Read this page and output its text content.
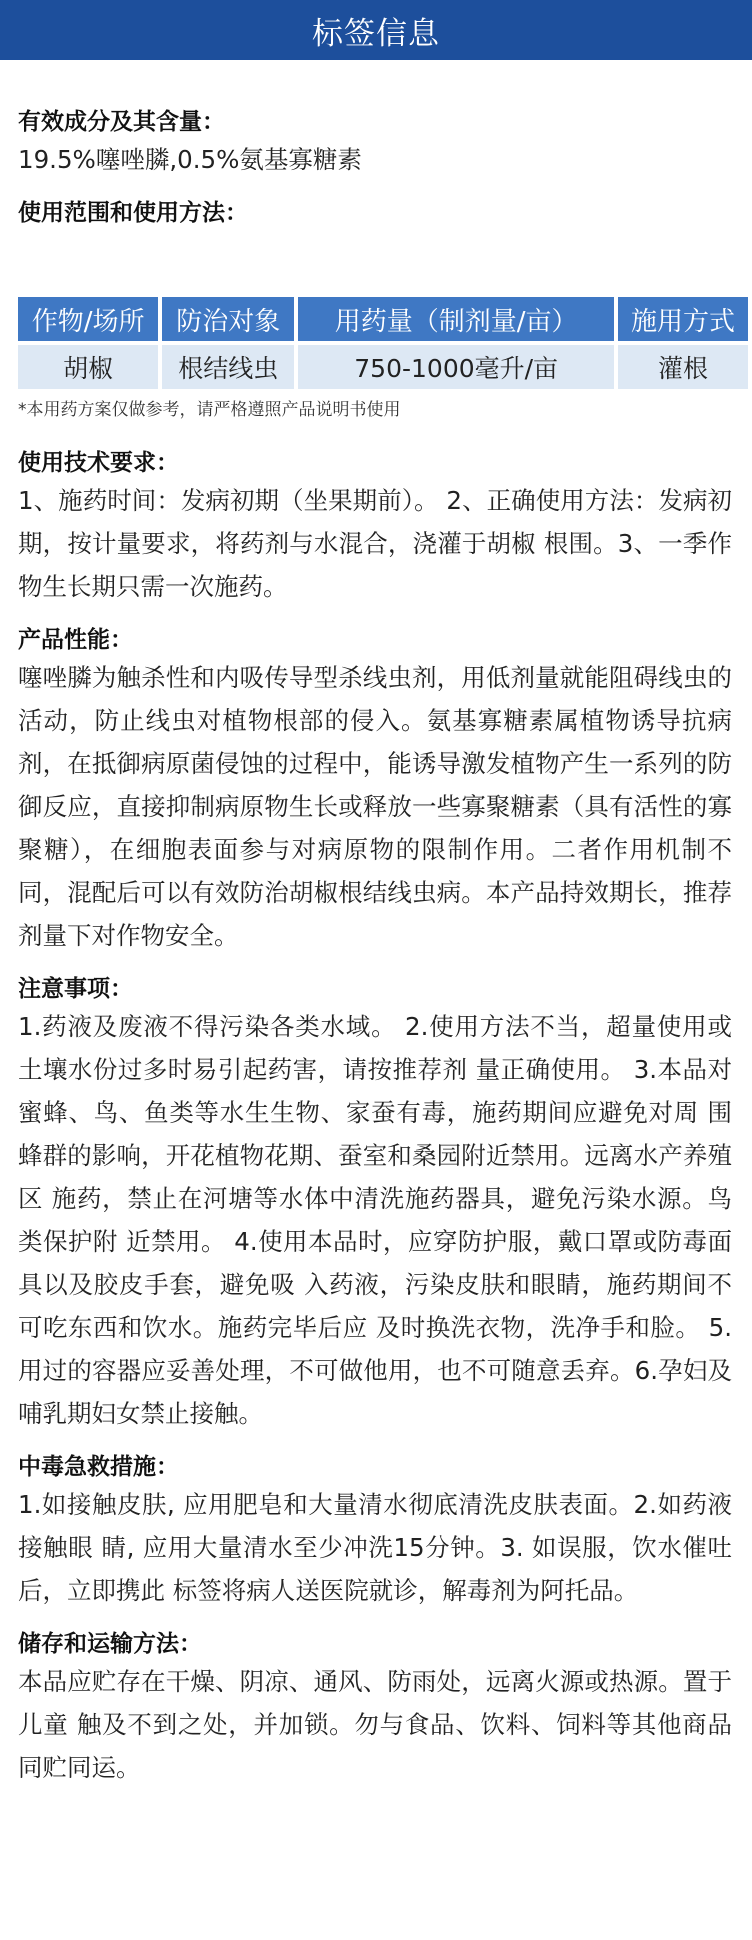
标签信息
有效成分及其含量：
19.5%噻唑膦,0.5%氨基寡糖素
使用范围和使用方法：
作物/场所	防治对象	用药量（制剂量/亩）	施用方式
胡椒	根结线虫	750-1000毫升/亩	灌根
*本用药方案仅做参考，请严格遵照产品说明书使用
使用技术要求：
1、施药时间：发病初期（坐果期前）。 2、正确使用方法：发病初期，按计量要求，将药剂与水混合，浇灌于胡椒 根围。3、一季作物生长期只需一次施药。
产品性能：
噻唑膦为触杀性和内吸传导型杀线虫剂，用低剂量就能阻碍线虫的活动，防止线虫对植物根部的侵入。氨基寡糖素属植物诱导抗病剂，在抵御病原菌侵蚀的过程中，能诱导激发植物产生一系列的防御反应，直接抑制病原物生长或释放一些寡聚糖素（具有活性的寡聚糖），在细胞表面参与对病原物的限制作用。二者作用机制不同，混配后可以有效防治胡椒根结线虫病。本产品持效期长，推荐剂量下对作物安全。
注意事项：
1.药液及废液不得污染各类水域。 2.使用方法不当，超量使用或土壤水份过多时易引起药害，请按推荐剂 量正确使用。 3.本品对蜜蜂、鸟、鱼类等水生生物、家蚕有毒，施药期间应避免对周 围蜂群的影响，开花植物花期、蚕室和桑园附近禁用。远离水产养殖区 施药，禁止在河塘等水体中清洗施药器具，避免污染水源。鸟类保护附 近禁用。 4.使用本品时，应穿防护服，戴口罩或防毒面具以及胶皮手套，避免吸 入药液，污染皮肤和眼睛，施药期间不可吃东西和饮水。施药完毕后应 及时换洗衣物，洗净手和脸。 5.用过的容器应妥善处理，不可做他用，也不可随意丢弃。6.孕妇及哺乳期妇女禁止接触。
中毒急救措施：
1.如接触皮肤, 应用肥皂和大量清水彻底清洗皮肤表面。2.如药液接触眼 睛, 应用大量清水至少冲洗15分钟。3. 如误服，饮水催吐后，立即携此 标签将病人送医院就诊，解毒剂为阿托品。
储存和运输方法：
本品应贮存在干燥、阴凉、通风、防雨处，远离火源或热源。置于儿童 触及不到之处，并加锁。勿与食品、饮料、饲料等其他商品同贮同运。
